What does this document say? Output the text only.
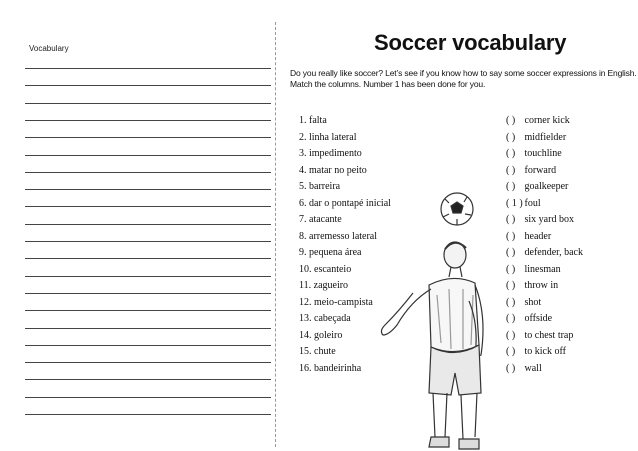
Vocabulary	Soccer vocabulary
Do you really like soccer? Let’s see if you know how to say some soccer expressions in English.
Match the columns. Number 1 has been done for you.
1. falta
2. linha lateral
3. impedimento
4. matar no peito
5. barreira
6. dar o pontapé inicial
7. atacante
8. arremesso lateral
9. pequena área
10. escanteio
11. zagueiro
12. meio-campista
13. cabeçada
14. goleiro
15. chute
16. bandeirinha
( ) corner kick
( ) midfielder
( ) touchline
( ) forward
( ) goalkeeper
( 1 ) foul
( ) six yard box
( ) header
( ) defender, back
( ) linesman
( ) throw in
( ) shot
( ) offside
( ) to chest trap
( ) to kick off
( ) wall
